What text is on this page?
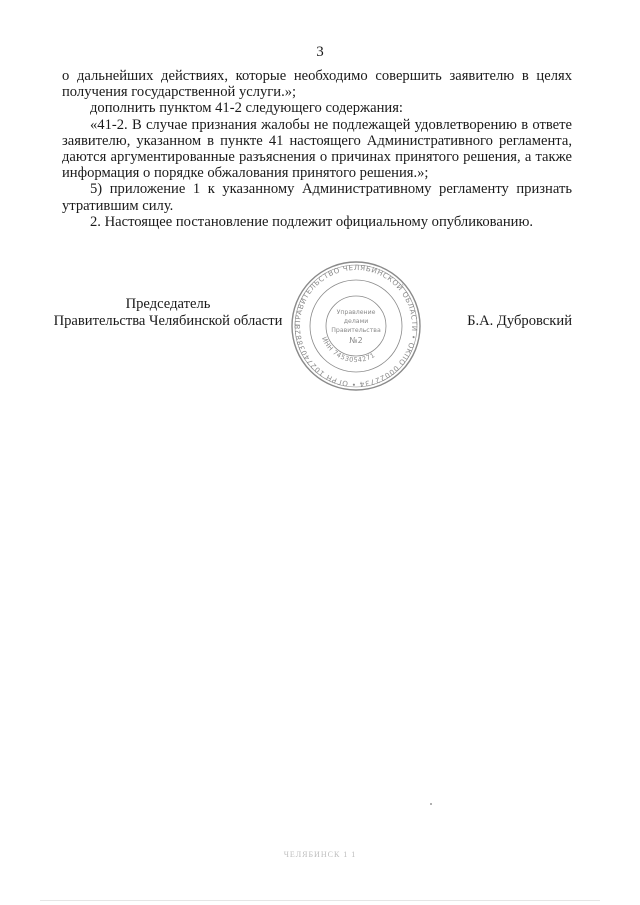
3

о дальнейших действиях, которые необходимо совершить заявителю в целях получения государственной услуги.»;

дополнить пунктом 41-2 следующего содержания:

«41-2. В случае признания жалобы не подлежащей удовлетворению в ответе заявителю, указанном в пункте 41 настоящего Административного регламента, даются аргументированные разъяснения о причинах принятого решения, а также информация о порядке обжалования принятого решения.»;

5) приложение 1 к указанному Административному регламенту признать утратившим силу.

2. Настоящее постановление подлежит официальному опубликованию.

Председатель
Правительства Челябинской области	Б.А. Дубровский
ПРАВИТЕЛЬСТВО ЧЕЛЯБИНСКОЙ ОБЛАСТИ • ОКПО 00022734 • ОГРН 10274038828
ИНН 7453054271
Управление
делами
Правительства
№2
ЧЕЛЯБИНСК 1 1
